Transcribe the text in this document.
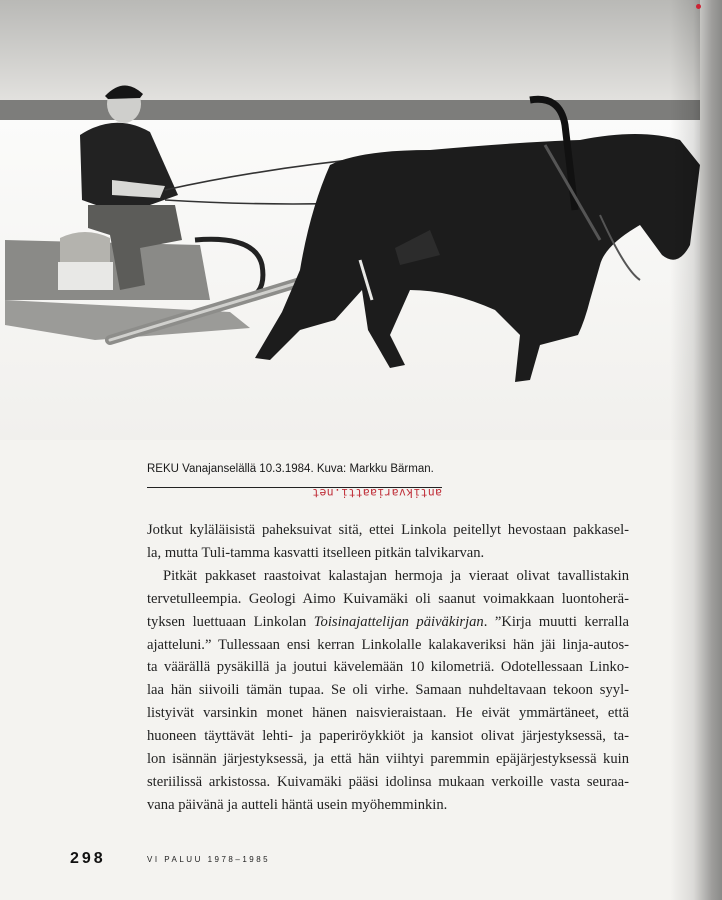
REKU Vanajanselällä 10.3.1984. Kuva: Markku Bärman.
antikvariaatti.net

Jotkut kyläläisistä paheksuivat sitä, ettei Linkola peitellyt hevostaan pakkasel-
la, mutta Tuli-tamma kasvatti itselleen pitkän talvikarvan.

Pitkät pakkaset raastoivat kalastajan hermoja ja vieraat olivat tavallistakin
tervetulleempia. Geologi Aimo Kuivamäki oli saanut voimakkaan luontoherä-
tyksen luettuaan Linkolan Toisinajattelijan päiväkirjan. ”Kirja muutti kerralla
ajatteluni.” Tullessaan ensi kerran Linkolalle kalakaveriksi hän jäi linja-autos-
ta väärällä pysäkillä ja joutui kävelemään 10 kilometriä. Odotellessaan Linko-
laa hän siivoili tämän tupaa. Se oli virhe. Samaan nuhdeltavaan tekoon syyl-
listyivät varsinkin monet hänen naisvieraistaan. He eivät ymmärtäneet, että
huoneen täyttävät lehti- ja paperiröykkiöt ja kansiot olivat järjestyksessä, ta-
lon isännän järjestyksessä, ja että hän viihtyi paremmin epäjärjestyksessä kuin
steriilissä arkistossa. Kuivamäki pääsi idolinsa mukaan verkoille vasta seuraa-
vana päivänä ja autteli häntä usein myöhemminkin.

298	VI PALUU 1978–1985
